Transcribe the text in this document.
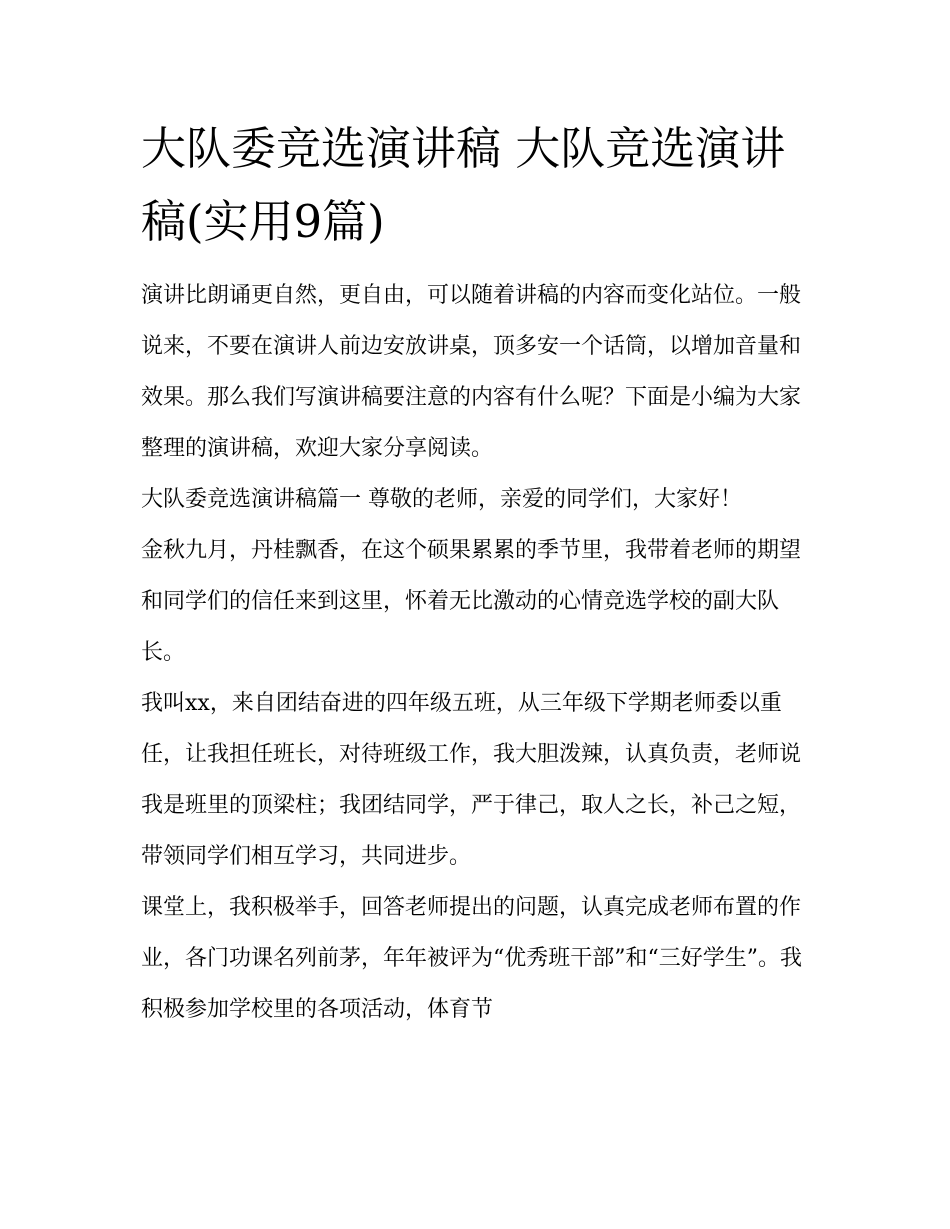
大队委竞选演讲稿 大队竞选演讲稿(实用9篇)

演讲比朗诵更自然，更自由，可以随着讲稿的内容而变化站位。一般说来，不要在演讲人前边安放讲桌，顶多安一个话筒，以增加音量和效果。那么我们写演讲稿要注意的内容有什么呢？下面是小编为大家整理的演讲稿，欢迎大家分享阅读。

大队委竞选演讲稿篇一 尊敬的老师，亲爱的同学们，大家好！

金秋九月，丹桂飘香，在这个硕果累累的季节里，我带着老师的期望和同学们的信任来到这里，怀着无比激动的心情竞选学校的副大队长。

我叫xx，来自团结奋进的四年级五班，从三年级下学期老师委以重任，让我担任班长，对待班级工作，我大胆泼辣，认真负责，老师说我是班里的顶梁柱；我团结同学，严于律己，取人之长，补己之短，带领同学们相互学习，共同进步。

课堂上，我积极举手，回答老师提出的问题，认真完成老师布置的作业，各门功课名列前茅，年年被评为“优秀班干部”和“三好学生”。我积极参加学校里的各项活动，体育节
